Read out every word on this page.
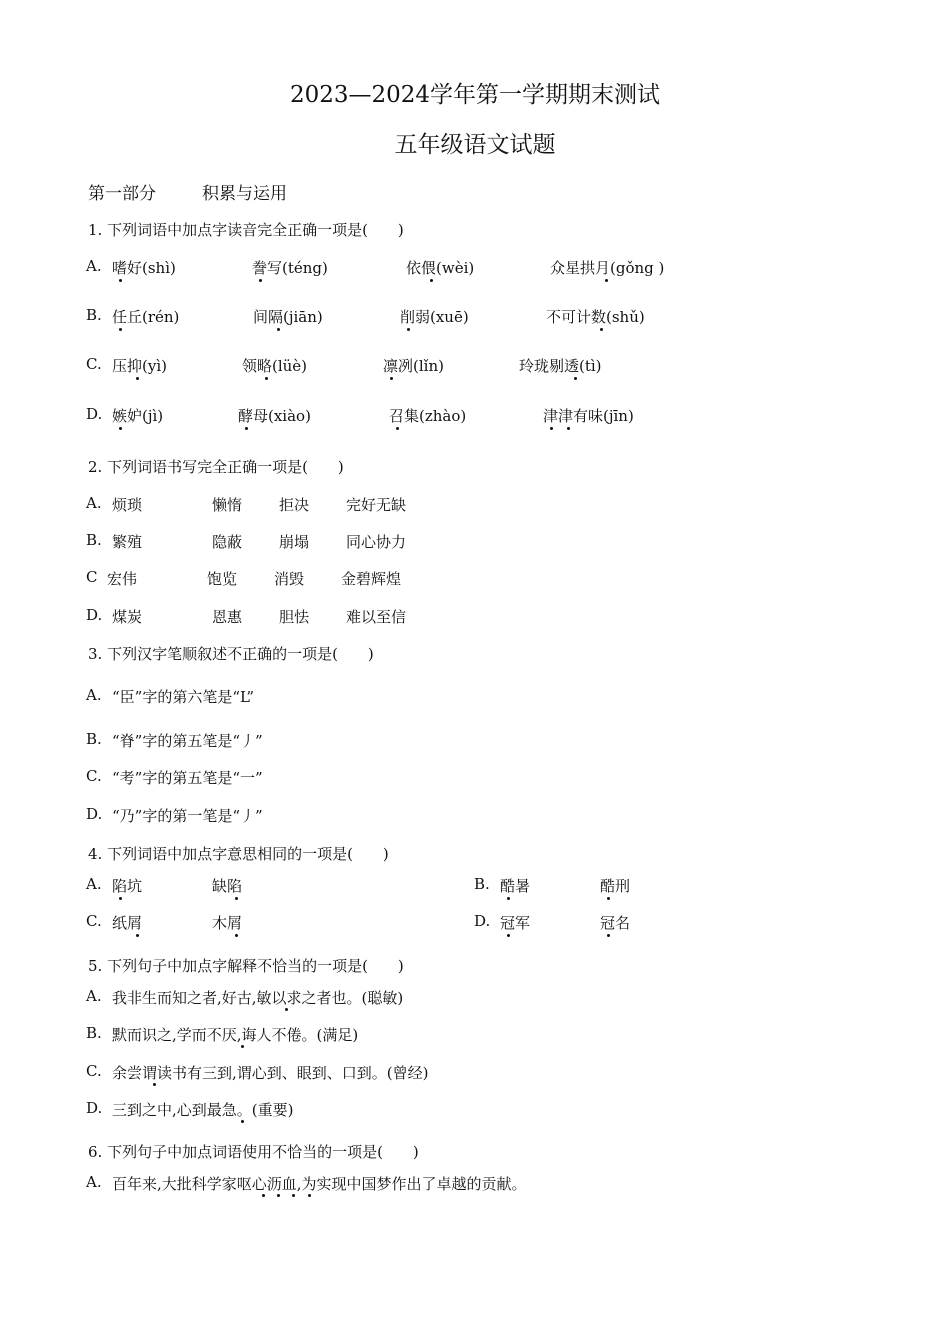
2023—2024学年第一学期期末测试
五年级语文试题
第一部分	积累与运用
1. 下列词语中加点字读音完全正确一项是(　　)
A. 嗜好(shì)	誊写(téng)	依偎(wèi)	众星拱月(gǒng )
B. 任丘(rén)	间隔(jiān)	削弱(xuē)	不可计数(shǔ)
C. 压抑(yì)	领略(lüè)	凛冽(lǐn)	玲珑剔透(tì)
D. 嫉妒(jì)	酵母(xiào)	召集(zhào)	津津有味(jīn)
2. 下列词语书写完全正确一项是(　　)
A. 烦琐	懒惰 拒决 完好无缺
B. 繁殖	隐蔽 崩塌 同心协力
C 宏伟	饱览 消毁 金碧辉煌
D. 煤炭	恩惠 胆怯 难以至信
3. 下列汉字笔顺叙述不正确的一项是(　　)
A. “臣”字的第六笔是“L”
B. “脊”字的第五笔是“丿”
C. “考”字的第五笔是“一”
D. “乃”字的第一笔是“丿”
4. 下列词语中加点字意思相同的一项是(　　)
A. 陷坑	缺陷	B. 酷暑	酷刑
C. 纸屑	木屑	D. 冠军	冠名
5. 下列句子中加点字解释不恰当的一项是(　　)
A. 我非生而知之者,好古,敏以求之者也。(聪敏)
B. 默而识之,学而不厌,诲人不倦。(满足)
C. 余尝谓读书有三到,谓心到、眼到、口到。(曾经)
D. 三到之中,心到最急。(重要)
6. 下列句子中加点词语使用不恰当的一项是(　　)
A. 百年来,大批科学家呕心沥血,为实现中国梦作出了卓越的贡献。
